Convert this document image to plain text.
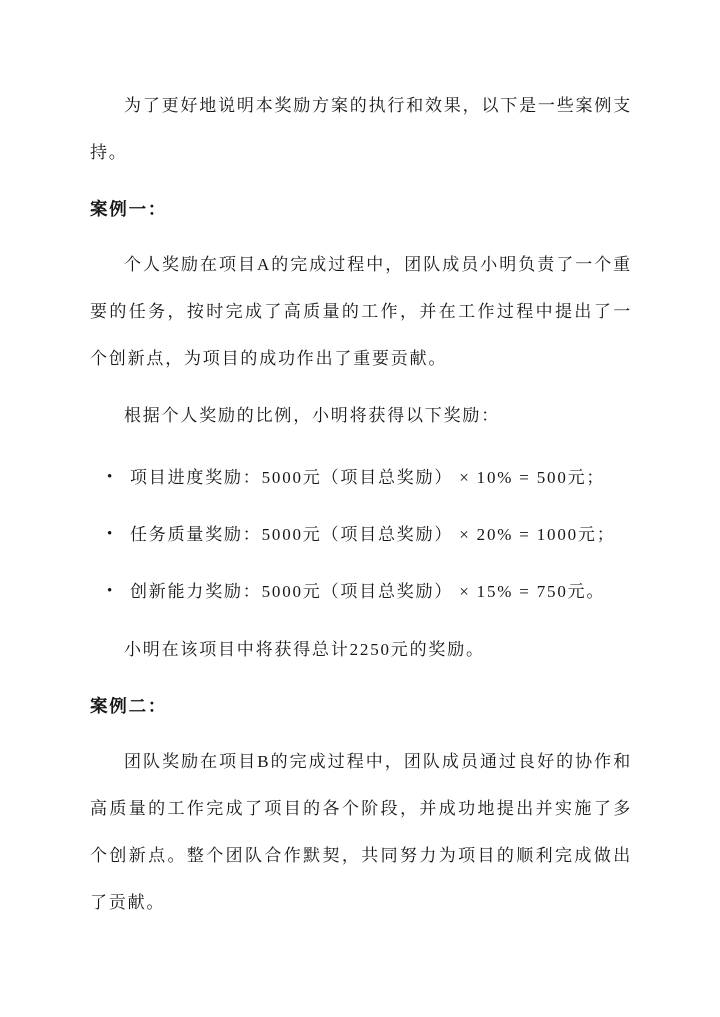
为了更好地说明本奖励方案的执行和效果，以下是一些案例支持。

案例一：

个人奖励在项目A的完成过程中，团队成员小明负责了一个重要的任务，按时完成了高质量的工作，并在工作过程中提出了一个创新点，为项目的成功作出了重要贡献。

根据个人奖励的比例，小明将获得以下奖励：

• 项目进度奖励：5000元（项目总奖励） × 10% = 500元；
• 任务质量奖励：5000元（项目总奖励） × 20% = 1000元；
• 创新能力奖励：5000元（项目总奖励） × 15% = 750元。

小明在该项目中将获得总计2250元的奖励。

案例二：

团队奖励在项目B的完成过程中，团队成员通过良好的协作和高质量的工作完成了项目的各个阶段，并成功地提出并实施了多个创新点。整个团队合作默契，共同努力为项目的顺利完成做出了贡献。
